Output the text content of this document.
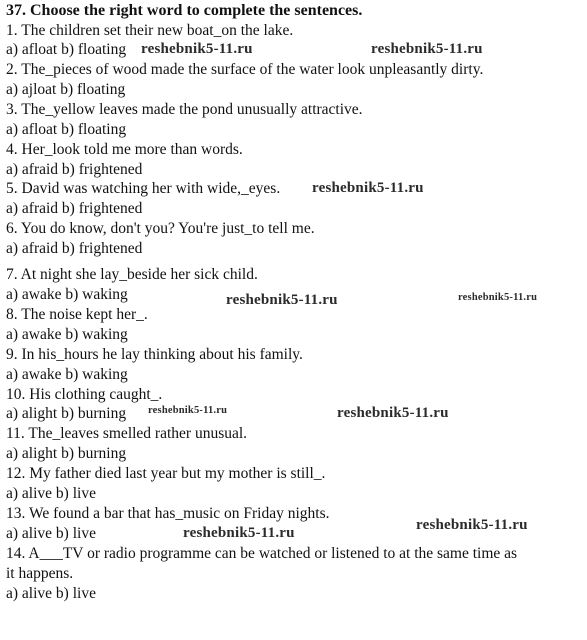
37. Choose the right word to complete the sentences.
1. The children set their new boat_on the lake.
a) afloat b) floating
2. The_pieces of wood made the surface of the water look unpleasantly dirty.
a) ajloat b) floating
3. The_yellow leaves made the pond unusually attractive.
a) afloat b) floating
4. Her_look told me more than words.
a) afraid b) frightened
5. David was watching her with wide,_eyes.
a) afraid b) frightened
6. You do know, don't you? You're just_to tell me.
a) afraid b) frightened
7. At night she lay_beside her sick child.
a) awake b) waking
8. The noise kept her_.
a) awake b) waking
9. In his_hours he lay thinking about his family.
a) awake b) waking
10. His clothing caught_.
a) alight b) burning
11. The_leaves smelled rather unusual.
a) alight b) burning
12. My father died last year but my mother is still_.
a) alive b) live
13. We found a bar that has_music on Friday nights.
a) alive b) live
14. A___TV or radio programme can be watched or listened to at the same time as
it happens.
a) alive b) live
reshebnik5-11.ru	reshebnik5-11.ru
reshebnik5-11.ru
reshebnik5-11.ru	reshebnik5-11.ru
reshebnik5-11.ru	reshebnik5-11.ru
reshebnik5-11.ru
reshebnik5-11.ru
